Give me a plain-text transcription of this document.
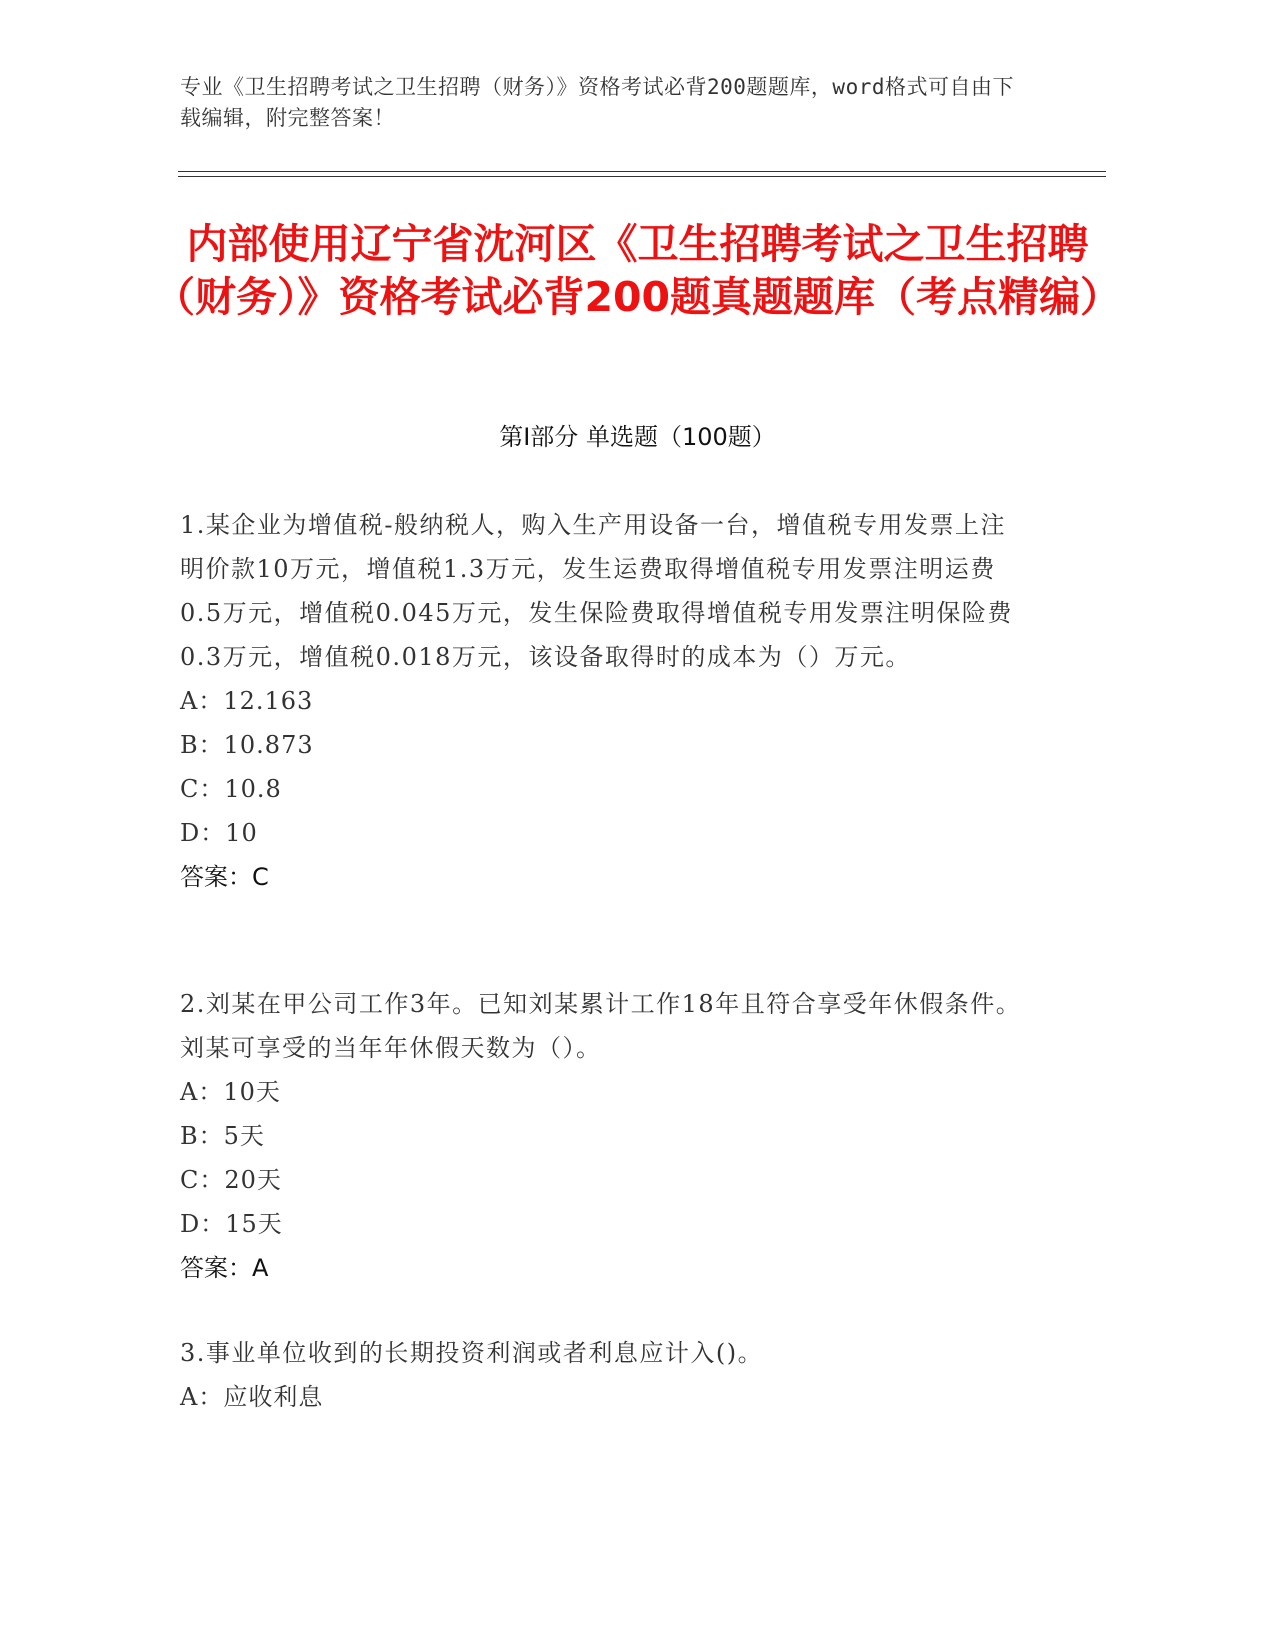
专业《卫生招聘考试之卫生招聘（财务）》资格考试必背200题题库，word格式可自由下载编辑，附完整答案！
内部使用辽宁省沈河区《卫生招聘考试之卫生招聘（财务）》资格考试必背200题真题题库（考点精编）
第Ⅰ部分 单选题（100题）
1.某企业为增值税-般纳税人，购入生产用设备一台，增值税专用发票上注明价款10万元，增值税1.3万元，发生运费取得增值税专用发票注明运费0.5万元，增值税0.045万元，发生保险费取得增值税专用发票注明保险费0.3万元，增值税0.018万元，该设备取得时的成本为（）万元。
A：12.163
B：10.873
C：10.8
D：10
答案：C
2.刘某在甲公司工作3年。已知刘某累计工作18年且符合享受年休假条件。刘某可享受的当年年休假天数为（）。
A：10天
B：5天
C：20天
D：15天
答案：A
3.事业单位收到的长期投资利润或者利息应计入()。
A：应收利息
